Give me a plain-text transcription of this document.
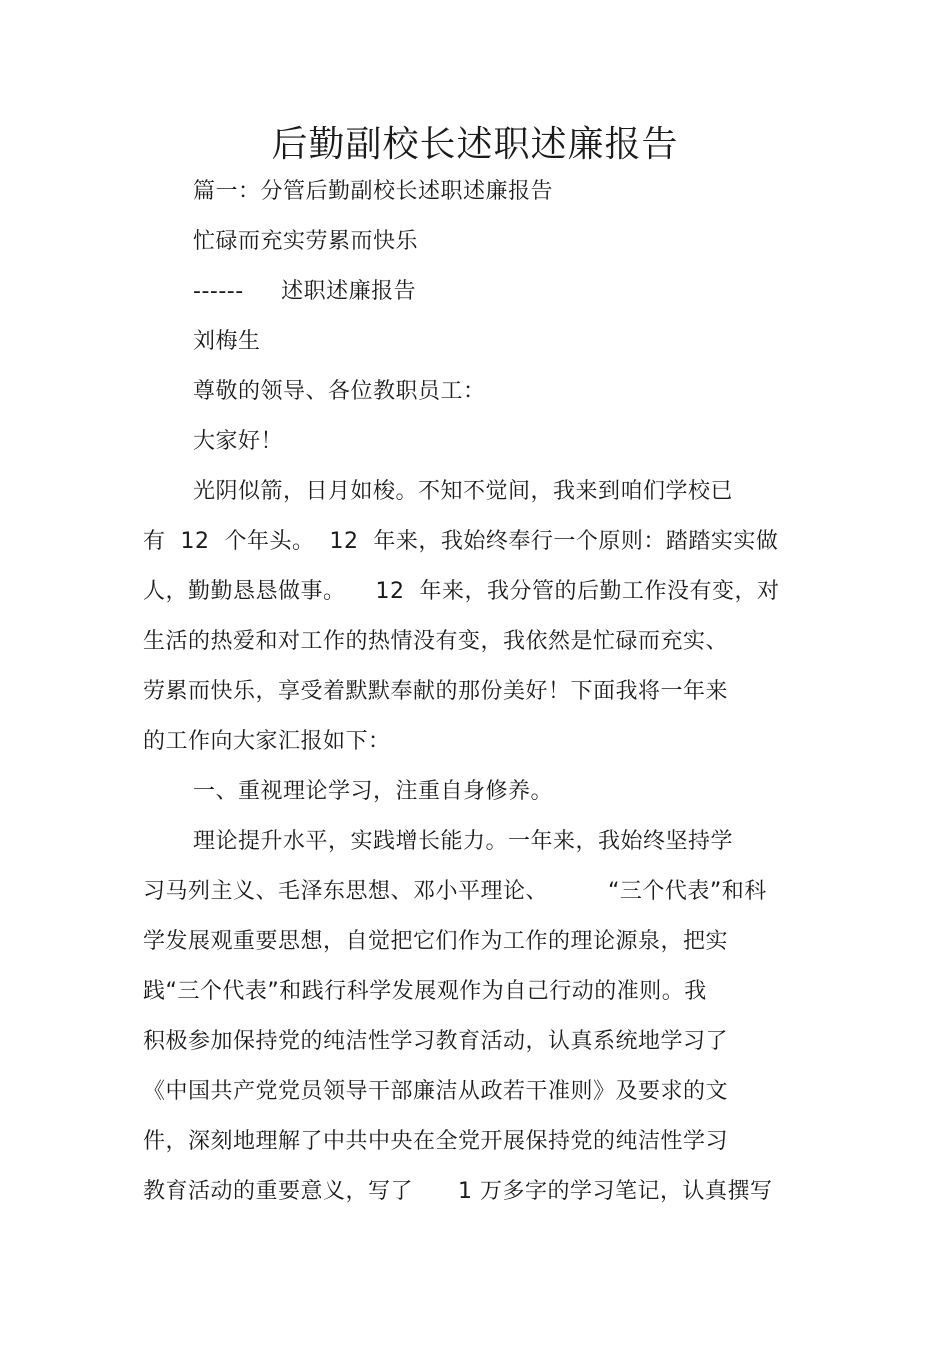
后勤副校长述职述廉报告
篇一：分管后勤副校长述职述廉报告
忙碌而充实劳累而快乐
------     述职述廉报告
刘梅生
尊敬的领导、各位教职员工：
大家好！
光阴似箭，日月如梭。不知不觉间，我来到咱们学校已
有  12  个年头。  12  年来，我始终奉行一个原则：踏踏实实做
人，勤勤恳恳做事。    12  年来，我分管的后勤工作没有变，对
生活的热爱和对工作的热情没有变，我依然是忙碌而充实、
劳累而快乐，享受着默默奉献的那份美好！下面我将一年来
的工作向大家汇报如下：
一、重视理论学习，注重自身修养。
理论提升水平，实践增长能力。一年来，我始终坚持学
习马列主义、毛泽东思想、邓小平理论、        “三个代表”和科
学发展观重要思想，自觉把它们作为工作的理论源泉，把实
践“三个代表”和践行科学发展观作为自己行动的准则。我
积极参加保持党的纯洁性学习教育活动，认真系统地学习了
《中国共产党党员领导干部廉洁从政若干准则》及要求的文
件，深刻地理解了中共中央在全党开展保持党的纯洁性学习
教育活动的重要意义，写了      1 万多字的学习笔记，认真撰写
